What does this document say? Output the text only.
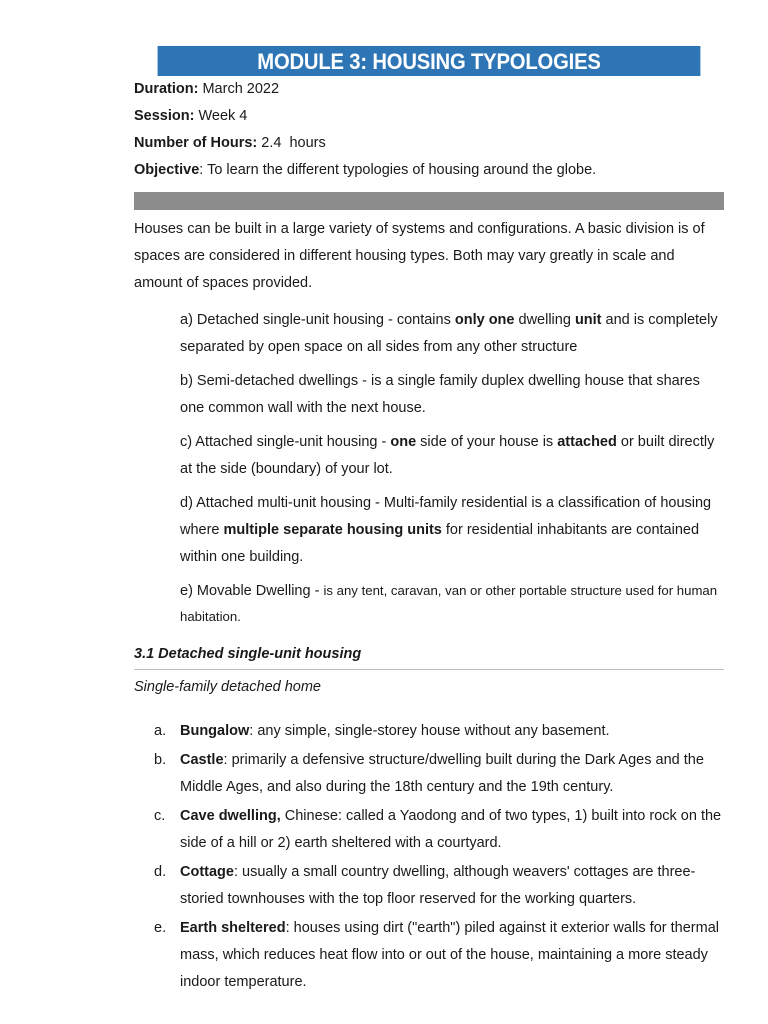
MODULE 3: HOUSING TYPOLOGIES
Duration: March 2022
Session: Week 4
Number of Hours: 2.4  hours
Objective: To learn the different typologies of housing around the globe.
Houses can be built in a large variety of systems and configurations. A basic division is of spaces are considered in different housing types. Both may vary greatly in scale and amount of spaces provided.
a) Detached single-unit housing - contains only one dwelling unit and is completely separated by open space on all sides from any other structure
b) Semi-detached dwellings - is a single family duplex dwelling house that shares one common wall with the next house.
c) Attached single-unit housing - one side of your house is attached or built directly at the side (boundary) of your lot.
d) Attached multi-unit housing - Multi-family residential is a classification of housing where multiple separate housing units for residential inhabitants are contained within one building.
e) Movable Dwelling - is any tent, caravan, van or other portable structure used for human habitation.
3.1 Detached single-unit housing
Single-family detached home
a. Bungalow: any simple, single-storey house without any basement.
b. Castle: primarily a defensive structure/dwelling built during the Dark Ages and the Middle Ages, and also during the 18th century and the 19th century.
c.	Cave dwelling, Chinese: called a Yaodong and of two types, 1) built into rock on the side of a hill or 2) earth sheltered with a courtyard.
d. Cottage: usually a small country dwelling, although weavers' cottages are three-storied townhouses with the top floor reserved for the working quarters.
e. Earth sheltered: houses using dirt ("earth") piled against it exterior walls for thermal mass, which reduces heat flow into or out of the house, maintaining a more steady indoor temperature.
